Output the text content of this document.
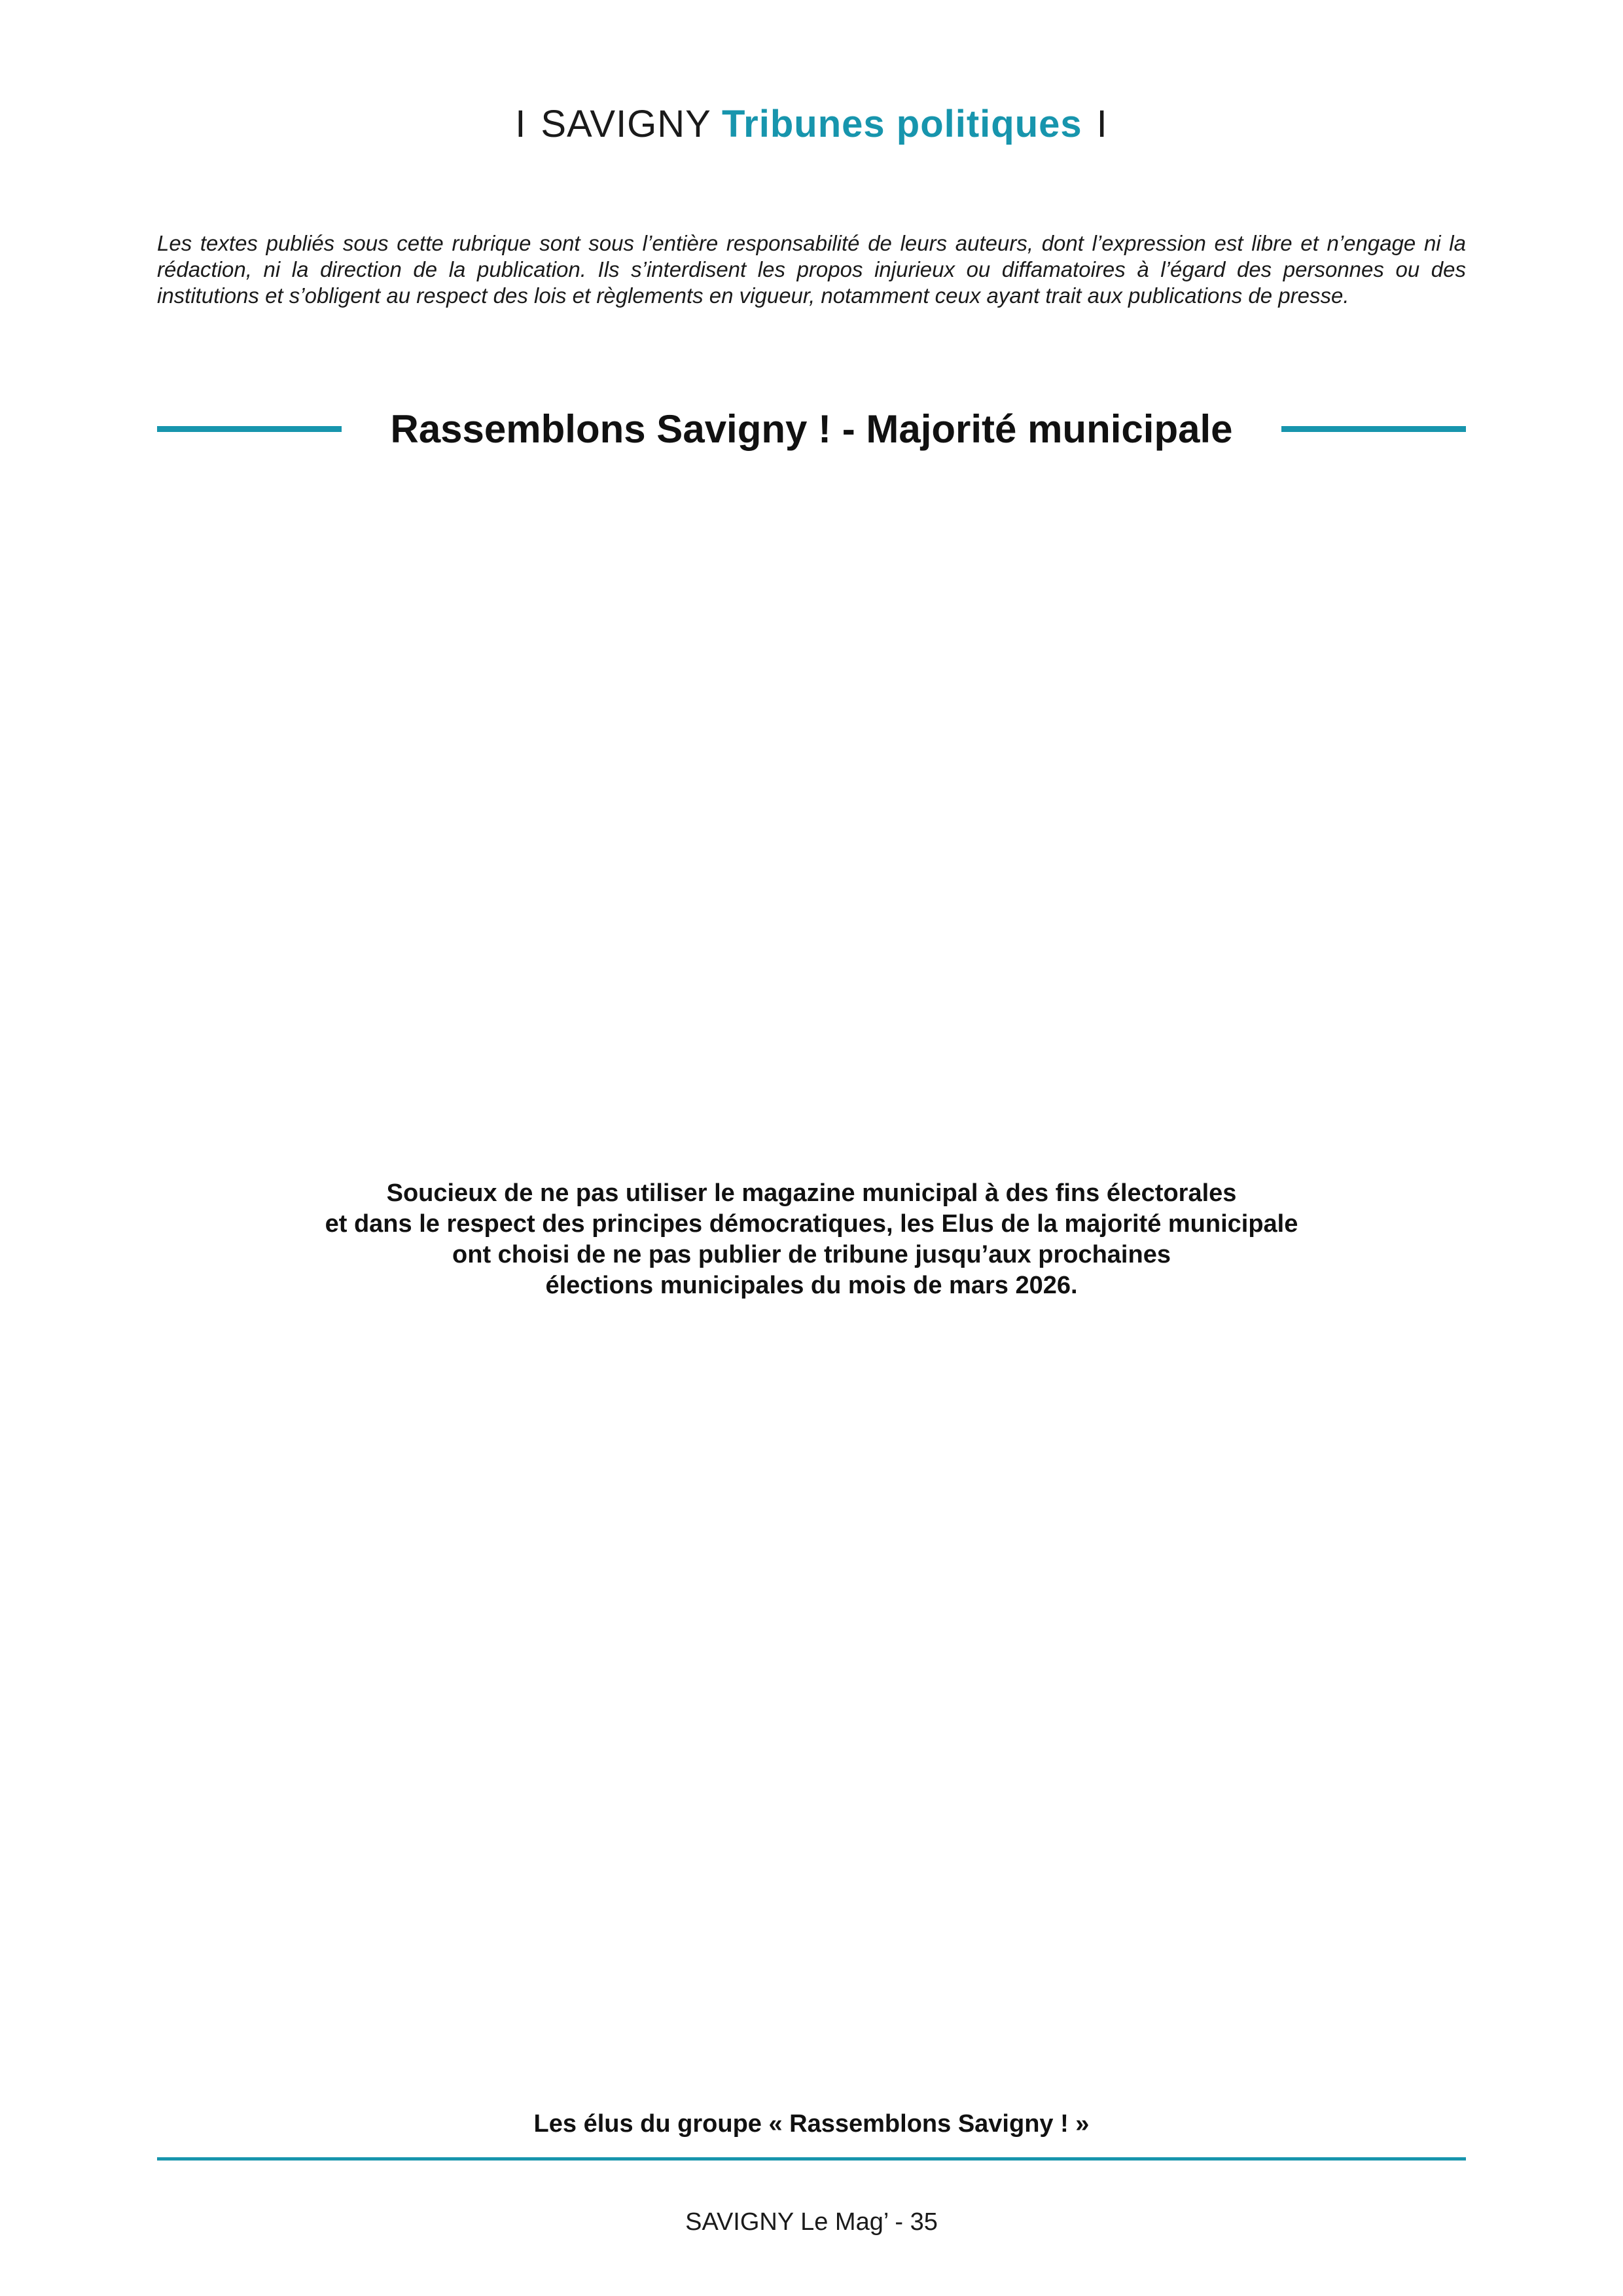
I SAVIGNY Tribunes politiques I

Les textes publiés sous cette rubrique sont sous l’entière responsabilité de leurs auteurs, dont l’expression est libre et n’engage ni la rédaction, ni la direction de la publication. Ils s’interdisent les propos injurieux ou diffamatoires à l’égard des personnes ou des institutions et s’obligent au respect des lois et règlements en vigueur, notamment ceux ayant trait aux publications de presse.

Rassemblons Savigny ! - Majorité municipale
Soucieux de ne pas utiliser le magazine municipal à des fins électorales
et dans le respect des principes démocratiques, les Elus de la majorité municipale
ont choisi de ne pas publier de tribune jusqu’aux prochaines
élections municipales du mois de mars 2026.
Les élus du groupe « Rassemblons Savigny ! »
SAVIGNY Le Mag’ - 35
